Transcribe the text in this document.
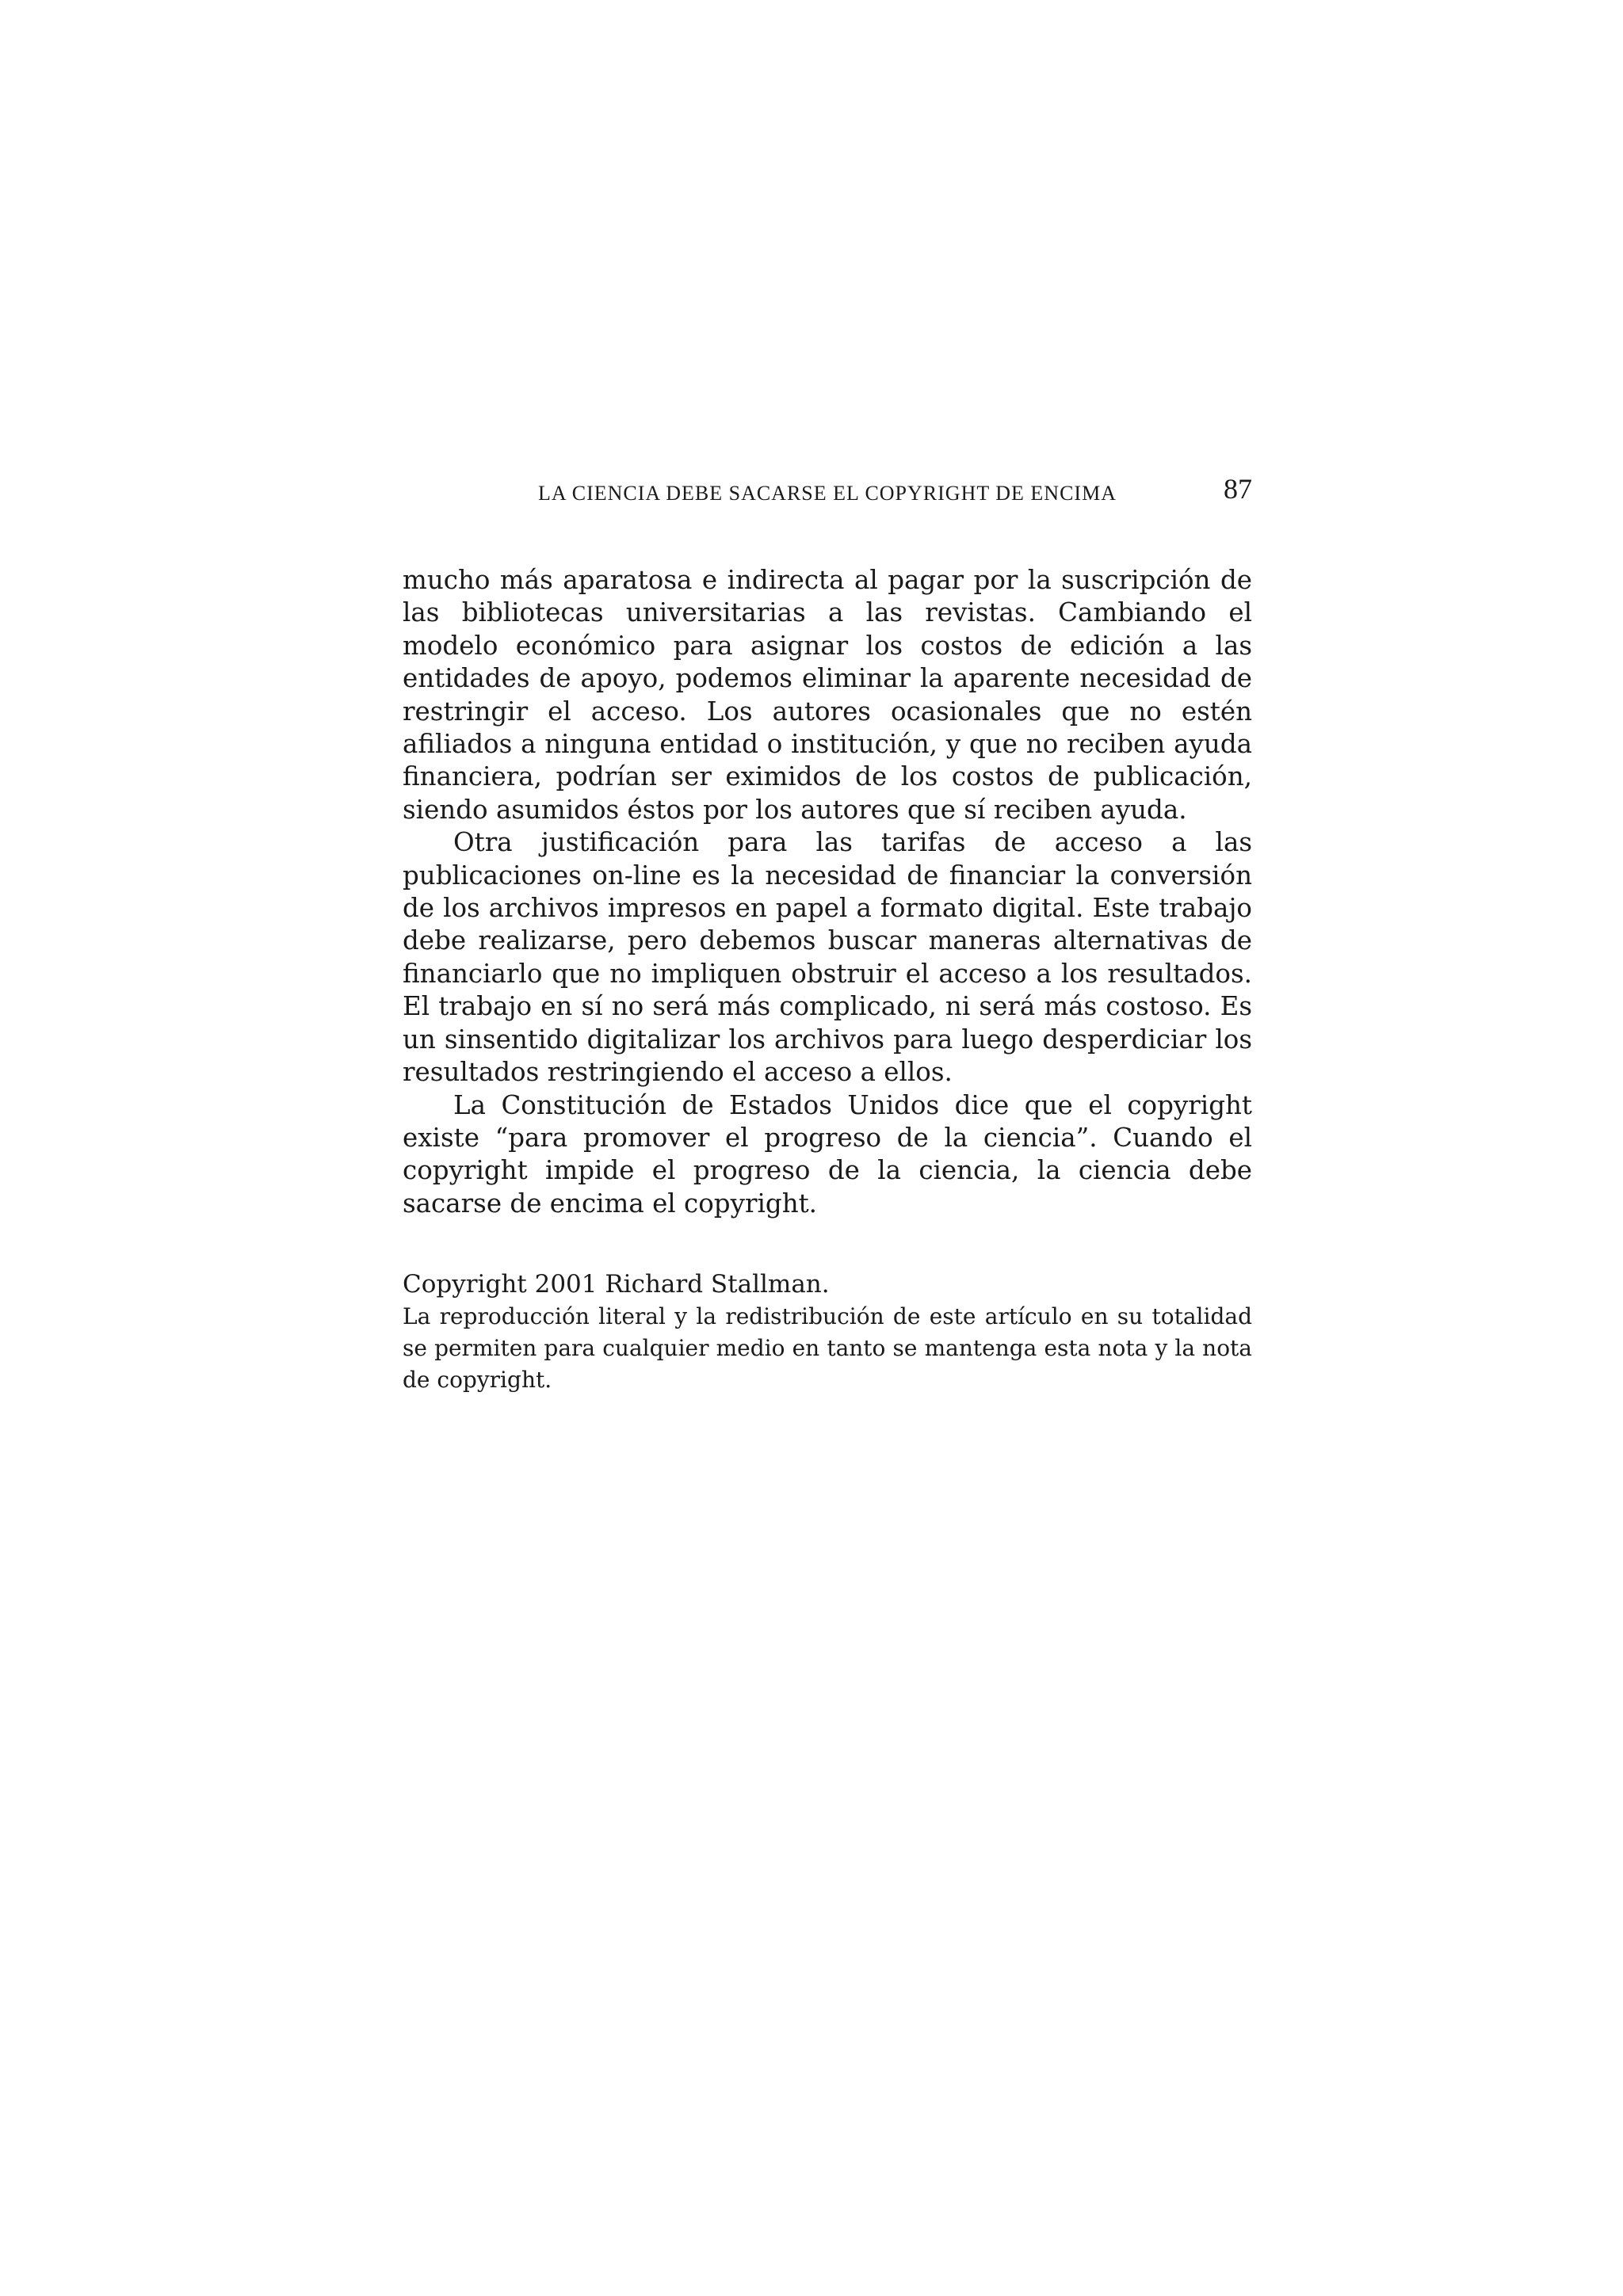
LA CIENCIA DEBE SACARSE EL COPYRIGHT DE ENCIMA	87

mucho más aparatosa e indirecta al pagar por la suscripción de las bibliotecas universitarias a las revistas. Cambiando el modelo económico para asignar los costos de edición a las entidades de apoyo, podemos eliminar la aparente necesidad de restringir el acceso. Los autores ocasionales que no estén afiliados a ninguna entidad o institución, y que no reciben ayuda financiera, podrían ser eximidos de los costos de publicación, siendo asumidos éstos por los autores que sí reciben ayuda.

Otra justificación para las tarifas de acceso a las publicaciones on-line es la necesidad de financiar la conversión de los archivos impresos en papel a formato digital. Este trabajo debe realizarse, pero debemos buscar maneras alternativas de financiarlo que no impliquen obstruir el acceso a los resultados. El trabajo en sí no será más complicado, ni será más costoso. Es un sinsentido digitalizar los archivos para luego desperdiciar los resultados restringiendo el acceso a ellos.

La Constitución de Estados Unidos dice que el copyright existe “para promover el progreso de la ciencia”. Cuando el copyright impide el progreso de la ciencia, la ciencia debe sacarse de encima el copyright.

Copyright 2001 Richard Stallman.

La reproducción literal y la redistribución de este artículo en su totalidad se permiten para cualquier medio en tanto se mantenga esta nota y la nota de copyright.
